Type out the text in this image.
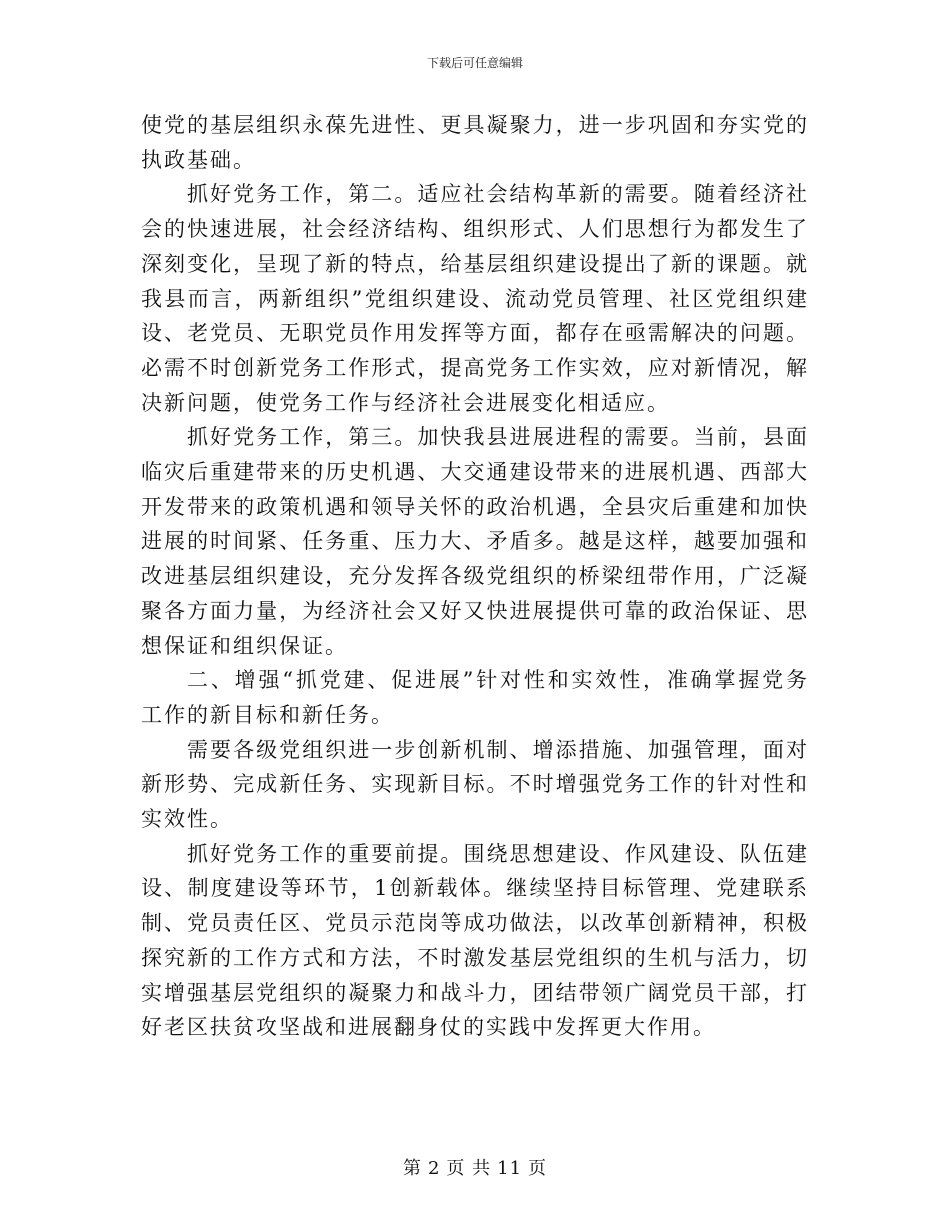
下载后可任意编辑

使党的基层组织永葆先进性、更具凝聚力，进一步巩固和夯实党的执政基础。

抓好党务工作，第二。适应社会结构革新的需要。随着经济社会的快速进展，社会经济结构、组织形式、人们思想行为都发生了深刻变化，呈现了新的特点，给基层组织建设提出了新的课题。就我县而言，两新组织”党组织建设、流动党员管理、社区党组织建设、老党员、无职党员作用发挥等方面，都存在亟需解决的问题。必需不时创新党务工作形式，提高党务工作实效，应对新情况，解决新问题，使党务工作与经济社会进展变化相适应。

抓好党务工作，第三。加快我县进展进程的需要。当前，县面临灾后重建带来的历史机遇、大交通建设带来的进展机遇、西部大开发带来的政策机遇和领导关怀的政治机遇，全县灾后重建和加快进展的时间紧、任务重、压力大、矛盾多。越是这样，越要加强和改进基层组织建设，充分发挥各级党组织的桥梁纽带作用，广泛凝聚各方面力量，为经济社会又好又快进展提供可靠的政治保证、思想保证和组织保证。

二、增强“抓党建、促进展”针对性和实效性，准确掌握党务工作的新目标和新任务。

需要各级党组织进一步创新机制、增添措施、加强管理，面对新形势、完成新任务、实现新目标。不时增强党务工作的针对性和实效性。

抓好党务工作的重要前提。围绕思想建设、作风建设、队伍建设、制度建设等环节，1创新载体。继续坚持目标管理、党建联系制、党员责任区、党员示范岗等成功做法，以改革创新精神，积极探究新的工作方式和方法，不时激发基层党组织的生机与活力，切实增强基层党组织的凝聚力和战斗力，团结带领广阔党员干部，打好老区扶贫攻坚战和进展翻身仗的实践中发挥更大作用。

第 2 页 共 11 页
